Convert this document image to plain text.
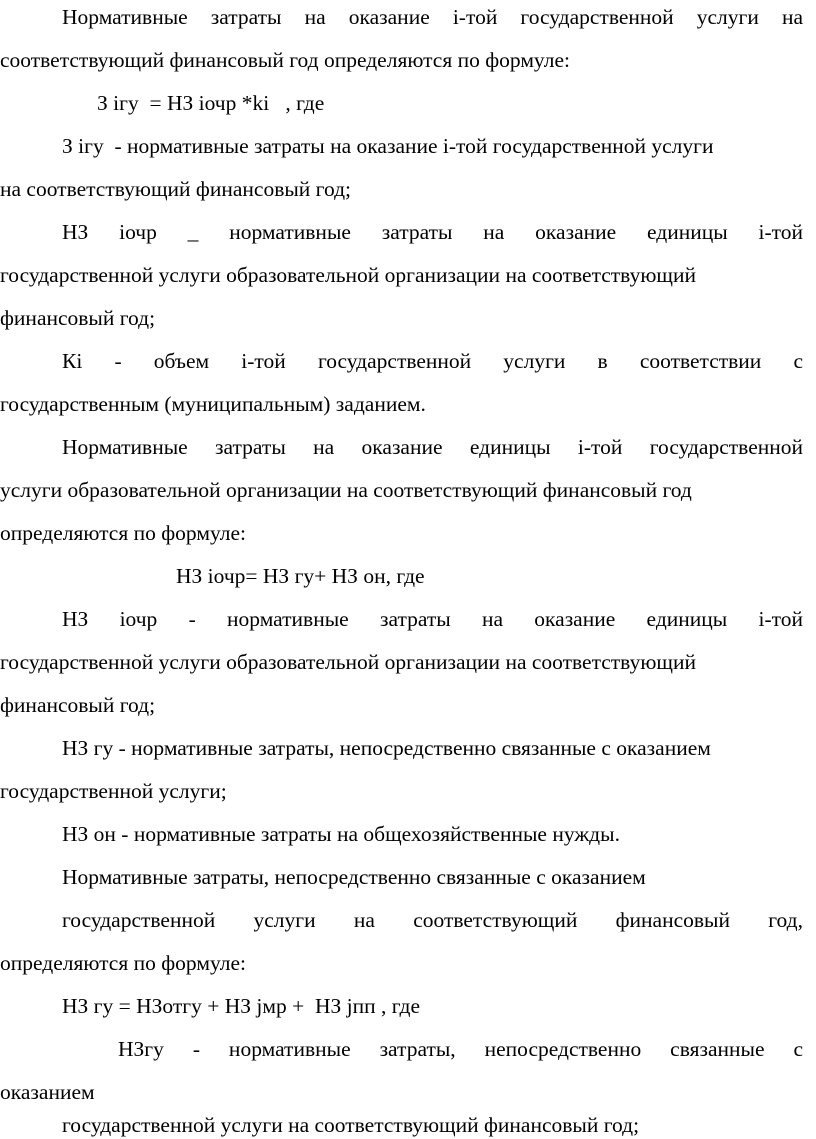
Нормативные затраты на оказание i-той государственной услуги на
соответствующий финансовый год определяются по формуле:
З iгу  = НЗ iочр *ki   , где
З iгу  - нормативные затраты на оказание i-той государственной услуги
на соответствующий финансовый год;
НЗ iочр _ нормативные затраты на оказание единицы i-той
государственной услуги образовательной организации на соответствующий
финансовый год;
Кi - объем i-той государственной услуги в соответствии с
государственным (муниципальным) заданием.
Нормативные затраты на оказание единицы i-той государственной
услуги образовательной организации на соответствующий финансовый год
определяются по формуле:
НЗ iочр= НЗ гу+ НЗ он, где
НЗ iочр - нормативные затраты на оказание единицы i-той
государственной услуги образовательной организации на соответствующий
финансовый год;
НЗ гу - нормативные затраты, непосредственно связанные с оказанием
государственной услуги;
НЗ он - нормативные затраты на общехозяйственные нужды.
Нормативные затраты, непосредственно связанные с оказанием
государственной услуги на соответствующий финансовый год,
определяются по формуле:
НЗ гу = НЗотгу + НЗ jмр +  НЗ jпп , где
НЗгу - нормативные затраты, непосредственно связанные с
оказанием
государственной услуги на соответствующий финансовый год;
